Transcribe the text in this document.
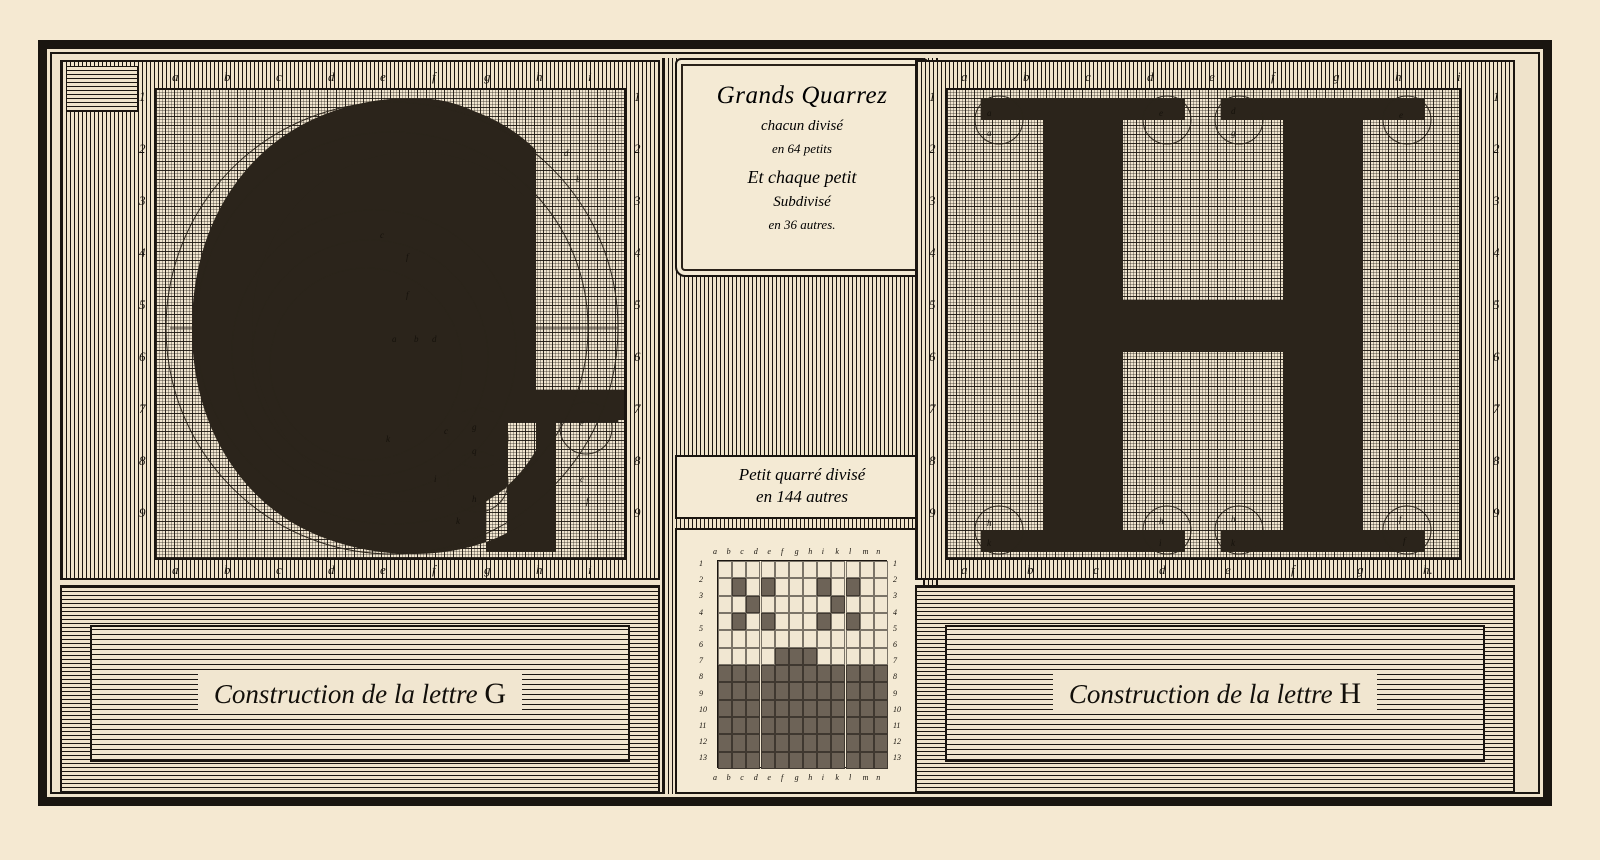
Grands Quarrez
chacun divisé
en 64 petits
Et chaque petit
Subdivisé
en 36 autres.
Petit quarré divisé
en 144 autres
a b c d e f g h i k l m n
a b c d e f g h i k l m n
1
2
3
4
5
6
7
8
9
10
11
12
13
1
2
3
4
5
6
7
8
9
10
11
12
13
d
b
c
f
f
a b d
k
c	g
q
e
h
i
k
c
f
a	b	c	d	e	f	g	h	i
a	b	c	d	e	f	g	h	i
1
2
3
4
5
6
7
8
9
1
2
3
4
5
6
7
8
9
a
a
e	d
g
e
h
k
h
i
h
k
f
f
a	b	c	d	e	f	g	h	i
a	b	c	d	e	f	g	h.
1
2
3
4
5
6
7
8
9
1
2
3
4
5
6
7
8
9
Construction de la lettre G	Construction de la lettre H
